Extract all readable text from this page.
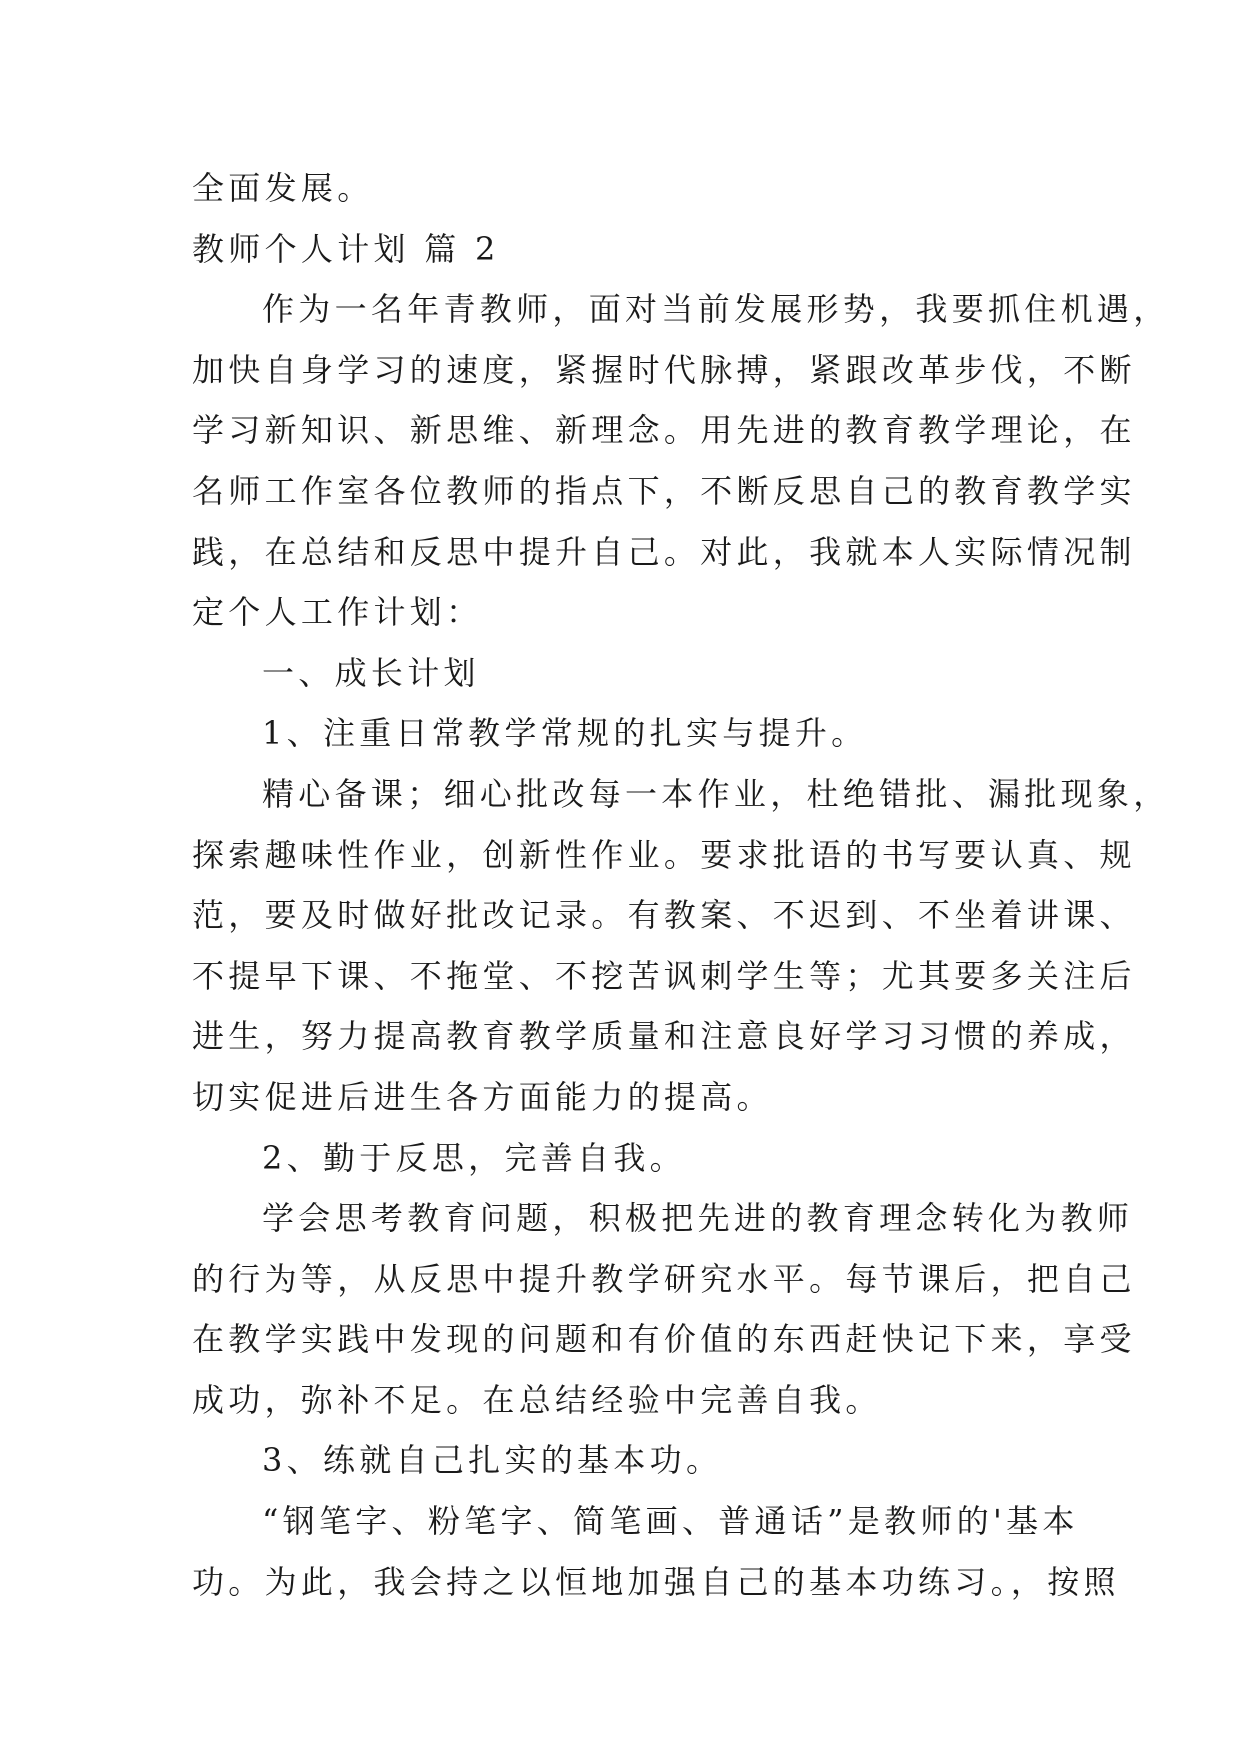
全面发展。
教师个人计划 篇 2
作为一名年青教师，面对当前发展形势，我要抓住机遇，
加快自身学习的速度，紧握时代脉搏，紧跟改革步伐，不断
学习新知识、新思维、新理念。用先进的教育教学理论，在
名师工作室各位教师的指点下，不断反思自己的教育教学实
践，在总结和反思中提升自己。对此，我就本人实际情况制
定个人工作计划：
一、成长计划
1、注重日常教学常规的扎实与提升。
精心备课；细心批改每一本作业，杜绝错批、漏批现象，
探索趣味性作业，创新性作业。要求批语的书写要认真、规
范，要及时做好批改记录。有教案、不迟到、不坐着讲课、
不提早下课、不拖堂、不挖苦讽刺学生等；尤其要多关注后
进生，努力提高教育教学质量和注意良好学习习惯的养成，
切实促进后进生各方面能力的提高。
2、勤于反思，完善自我。
学会思考教育问题，积极把先进的教育理念转化为教师
的行为等，从反思中提升教学研究水平。每节课后，把自己
在教学实践中发现的问题和有价值的东西赶快记下来，享受
成功，弥补不足。在总结经验中完善自我。
3、练就自己扎实的基本功。
“钢笔字、粉笔字、简笔画、普通话”是教师的'基本
功。为此，我会持之以恒地加强自己的基本功练习。，按照
